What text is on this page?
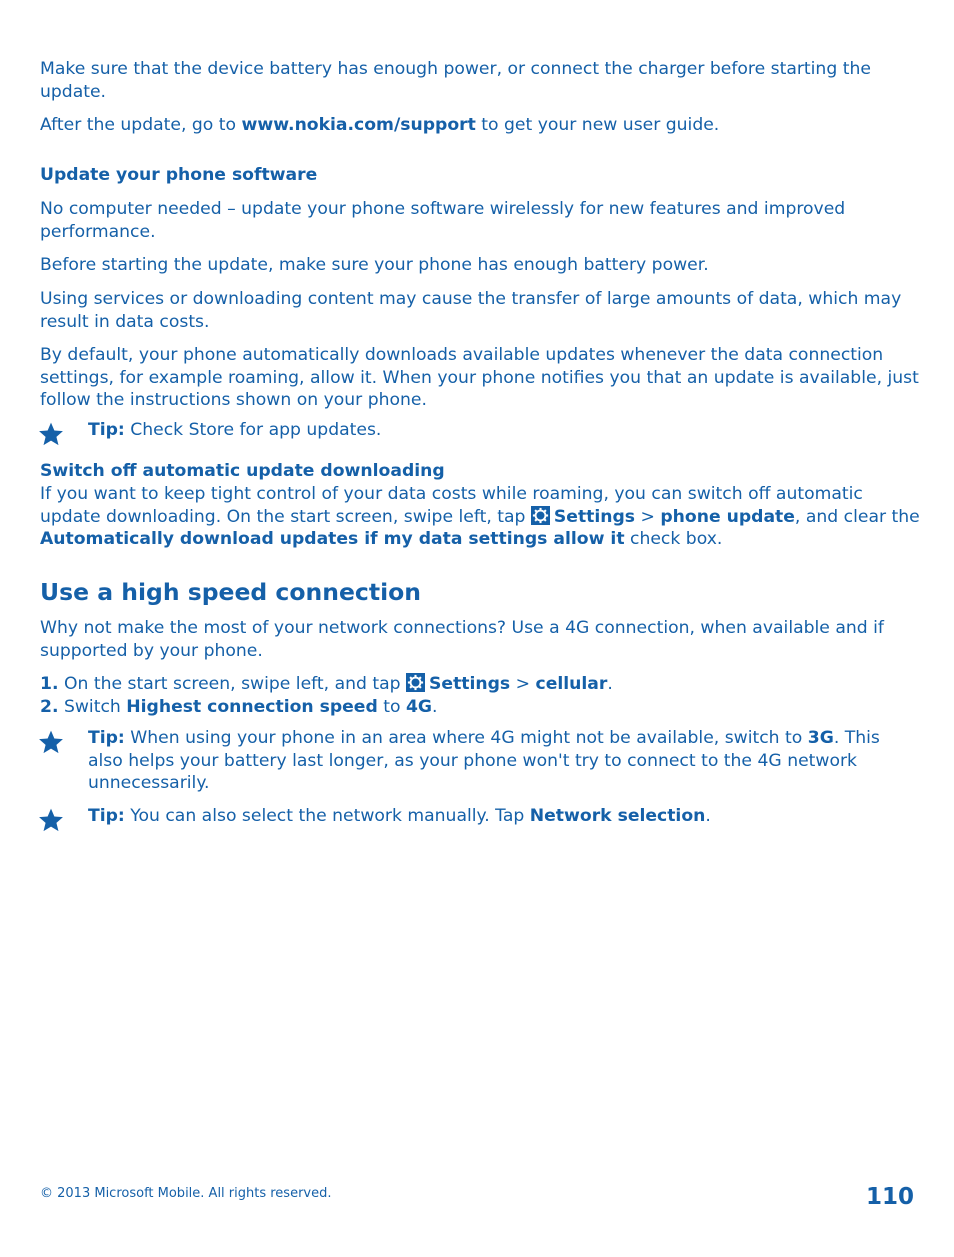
Make sure that the device battery has enough power, or connect the charger before starting the update.

After the update, go to www.nokia.com/support to get your new user guide.

Update your phone software

No computer needed – update your phone software wirelessly for new features and improved performance.

Before starting the update, make sure your phone has enough battery power.

Using services or downloading content may cause the transfer of large amounts of data, which may result in data costs.

By default, your phone automatically downloads available updates whenever the data connection settings, for example roaming, allow it. When your phone notifies you that an update is available, just follow the instructions shown on your phone.

Tip: Check Store for app updates.

Switch off automatic update downloading

If you want to keep tight control of your data costs while roaming, you can switch off automatic update downloading. On the start screen, swipe left, tap Settings > phone update, and clear the Automatically download updates if my data settings allow it check box.

Use a high speed connection

Why not make the most of your network connections? Use a 4G connection, when available and if supported by your phone.

1. On the start screen, swipe left, and tap Settings > cellular.

2. Switch Highest connection speed to 4G.

Tip: When using your phone in an area where 4G might not be available, switch to 3G. This also helps your battery last longer, as your phone won't try to connect to the 4G network unnecessarily.
Tip: You can also select the network manually. Tap Network selection.
© 2013 Microsoft Mobile. All rights reserved.	110
